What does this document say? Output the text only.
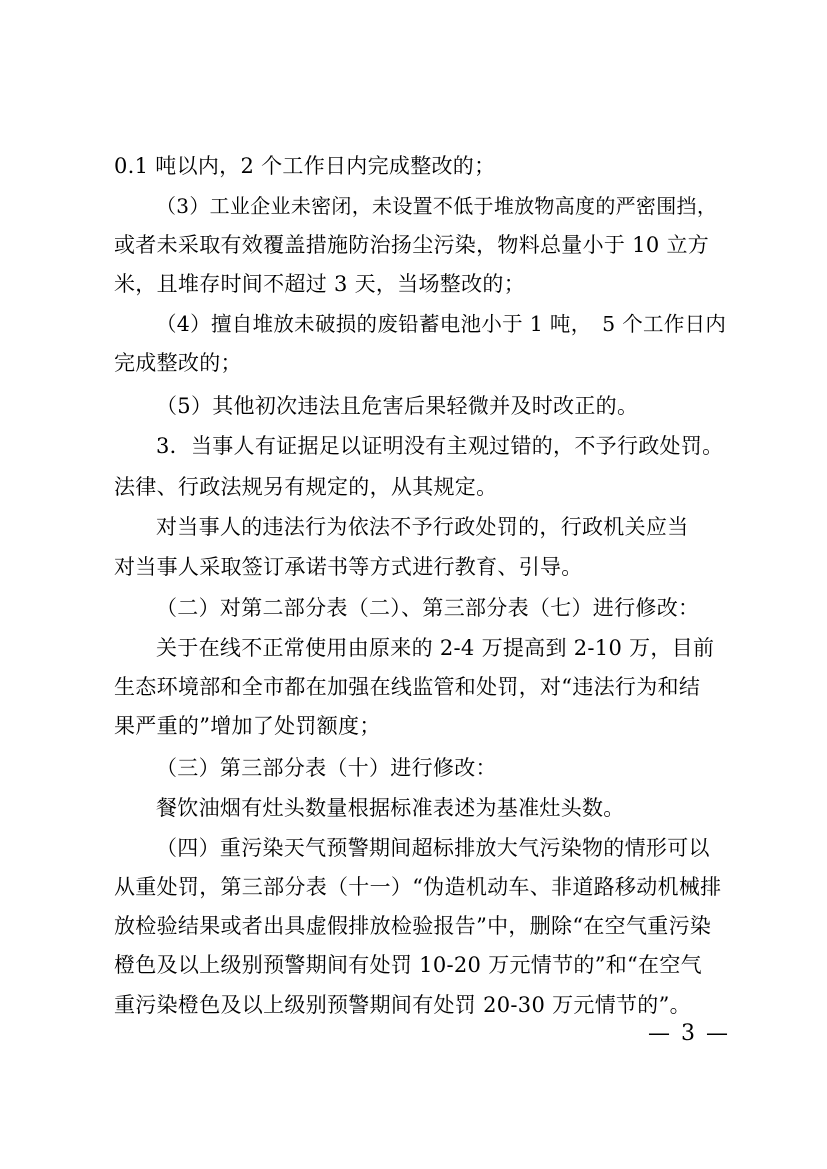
0.1 吨以内，2 个工作日内完成整改的；
（3）工业企业未密闭，未设置不低于堆放物高度的严密围挡，
或者未采取有效覆盖措施防治扬尘污染，物料总量小于 10 立方
米，且堆存时间不超过 3 天，当场整改的；
（4）擅自堆放未破损的废铅蓄电池小于 1 吨，　5 个工作日内
完成整改的；
（5）其他初次违法且危害后果轻微并及时改正的。
3．当事人有证据足以证明没有主观过错的，不予行政处罚。
法律、行政法规另有规定的，从其规定。
对当事人的违法行为依法不予行政处罚的，行政机关应当
对当事人采取签订承诺书等方式进行教育、引导。
（二）对第二部分表（二）、第三部分表（七）进行修改：
关于在线不正常使用由原来的 2-4 万提高到 2-10 万，目前
生态环境部和全市都在加强在线监管和处罚，对“违法行为和结
果严重的”增加了处罚额度；
（三）第三部分表（十）进行修改：
餐饮油烟有灶头数量根据标准表述为基准灶头数。
（四）重污染天气预警期间超标排放大气污染物的情形可以
从重处罚，第三部分表（十一）“伪造机动车、非道路移动机械排
放检验结果或者出具虚假排放检验报告”中，删除“在空气重污染
橙色及以上级别预警期间有处罚 10-20 万元情节的”和“在空气
重污染橙色及以上级别预警期间有处罚 20-30 万元情节的”。
— 3 —
